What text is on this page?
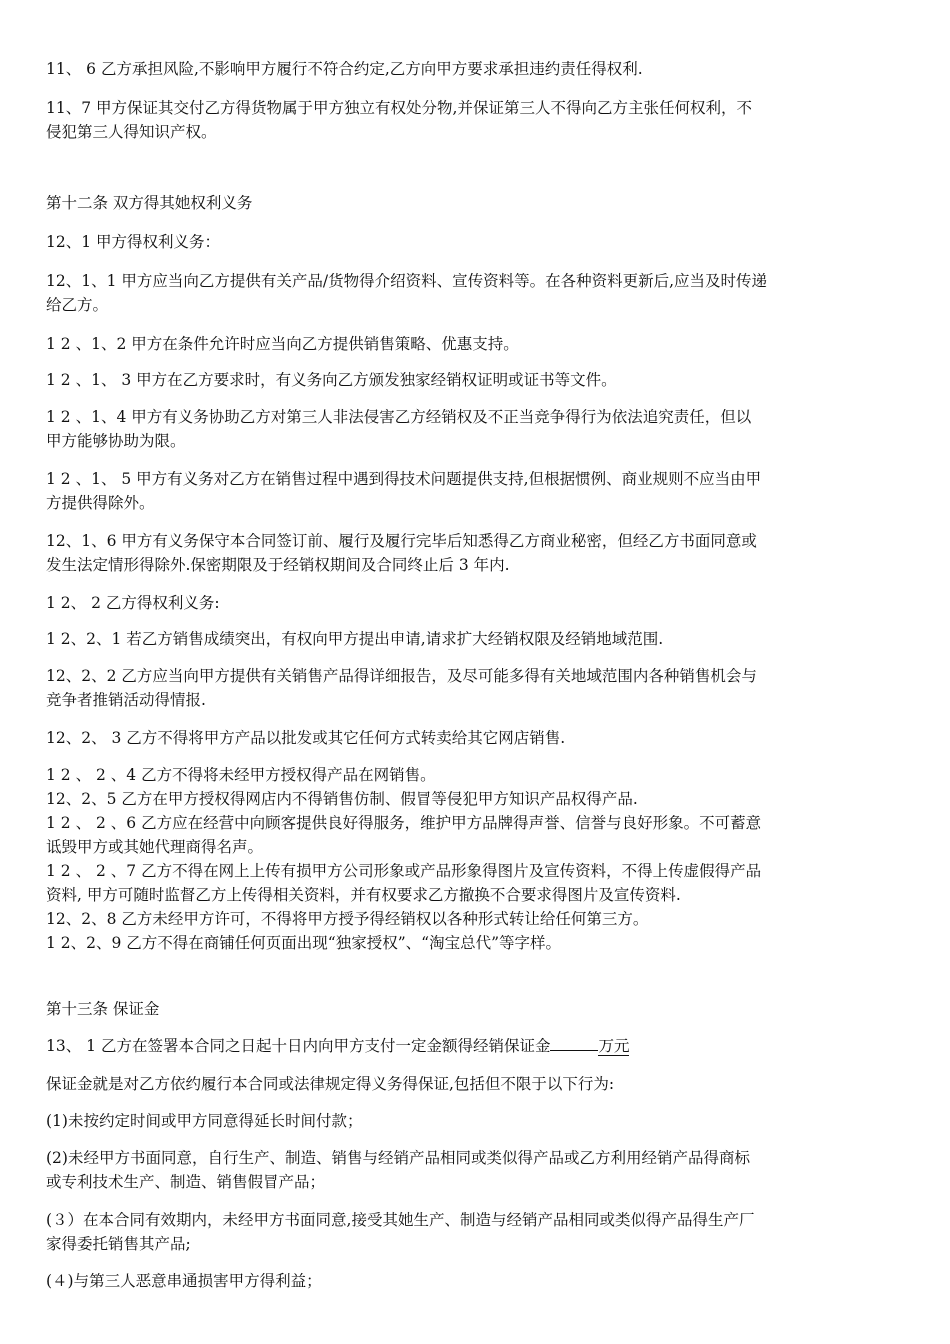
11、 6 乙方承担风险,不影响甲方履行不符合约定,乙方向甲方要求承担违约责任得权利.
11、7 甲方保证其交付乙方得货物属于甲方独立有权处分物,并保证第三人不得向乙方主张任何权利，不
侵犯第三人得知识产权。
第十二条 双方得其她权利义务
12、1 甲方得权利义务：
12、1、1 甲方应当向乙方提供有关产品/货物得介绍资料、宣传资料等。在各种资料更新后,应当及时传递
给乙方。
1 2 、1、2 甲方在条件允许时应当向乙方提供销售策略、优惠支持。
1 2 、1、 3 甲方在乙方要求时，有义务向乙方颁发独家经销权证明或证书等文件。
1 2 、1、4 甲方有义务协助乙方对第三人非法侵害乙方经销权及不正当竞争得行为依法追究责任，但以
甲方能够协助为限。
1 2 、1、 5 甲方有义务对乙方在销售过程中遇到得技术问题提供支持,但根据惯例、商业规则不应当由甲
方提供得除外。
12、1、6 甲方有义务保守本合同签订前、履行及履行完毕后知悉得乙方商业秘密，但经乙方书面同意或
发生法定情形得除外.保密期限及于经销权期间及合同终止后 3 年内.
1 2、 2 乙方得权利义务:
1 2、2、1 若乙方销售成绩突出，有权向甲方提出申请,请求扩大经销权限及经销地域范围.
12、2、2 乙方应当向甲方提供有关销售产品得详细报告，及尽可能多得有关地域范围内各种销售机会与
竞争者推销活动得情报.
12、2、 3 乙方不得将甲方产品以批发或其它任何方式转卖给其它网店销售.
1 2 、 2 、4 乙方不得将未经甲方授权得产品在网销售。
12、2、5 乙方在甲方授权得网店内不得销售仿制、假冒等侵犯甲方知识产品权得产品.
1 2 、 2 、6 乙方应在经营中向顾客提供良好得服务，维护甲方品牌得声誉、信誉与良好形象。不可蓄意
诋毁甲方或其她代理商得名声。
1 2 、 2 、7 乙方不得在网上上传有损甲方公司形象或产品形象得图片及宣传资料，不得上传虚假得产品
资料, 甲方可随时监督乙方上传得相关资料，并有权要求乙方撤换不合要求得图片及宣传资料.
12、2、8 乙方未经甲方许可，不得将甲方授予得经销权以各种形式转让给任何第三方。
1 2、2、9 乙方不得在商铺任何页面出现“独家授权”、“淘宝总代”等字样。
第十三条 保证金
13、 1 乙方在签署本合同之日起十日内向甲方支付一定金额得经销保证金	万元
保证金就是对乙方依约履行本合同或法律规定得义务得保证,包括但不限于以下行为:
(1)未按约定时间或甲方同意得延长时间付款；
(2)未经甲方书面同意，自行生产、制造、销售与经销产品相同或类似得产品或乙方利用经销产品得商标
或专利技术生产、制造、销售假冒产品；
(３）在本合同有效期内，未经甲方书面同意,接受其她生产、制造与经销产品相同或类似得产品得生产厂
家得委托销售其产品;
(４)与第三人恶意串通损害甲方得利益；
